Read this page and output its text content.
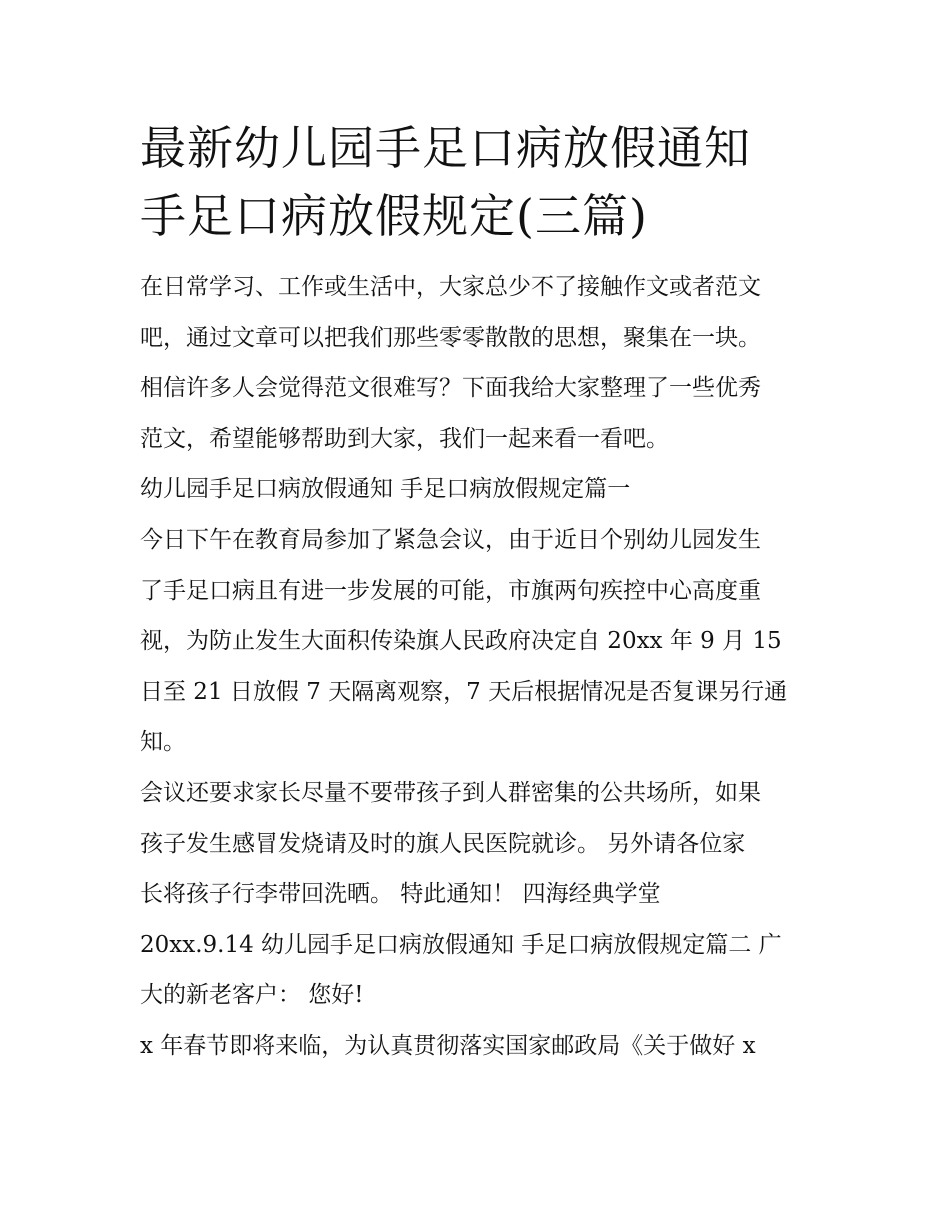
最新幼儿园手足口病放假通知
手足口病放假规定(三篇)

在日常学习、工作或生活中，大家总少不了接触作文或者范文
吧，通过文章可以把我们那些零零散散的思想，聚集在一块。
相信许多人会觉得范文很难写？下面我给大家整理了一些优秀
范文，希望能够帮助到大家，我们一起来看一看吧。

幼儿园手足口病放假通知 手足口病放假规定篇一

今日下午在教育局参加了紧急会议，由于近日个别幼儿园发生
了手足口病且有进一步发展的可能，市旗两句疾控中心高度重
视，为防止发生大面积传染旗人民政府决定自 20xx 年 9 月 15
日至 21 日放假 7 天隔离观察，7 天后根据情况是否复课另行通
知。

会议还要求家长尽量不要带孩子到人群密集的公共场所，如果
孩子发生感冒发烧请及时的旗人民医院就诊。 另外请各位家
长将孩子行李带回洗晒。 特此通知！ 四海经典学堂

20xx.9.14 幼儿园手足口病放假通知 手足口病放假规定篇二 广
大的新老客户： 您好!

x 年春节即将来临，为认真贯彻落实国家邮政局《关于做好 x
